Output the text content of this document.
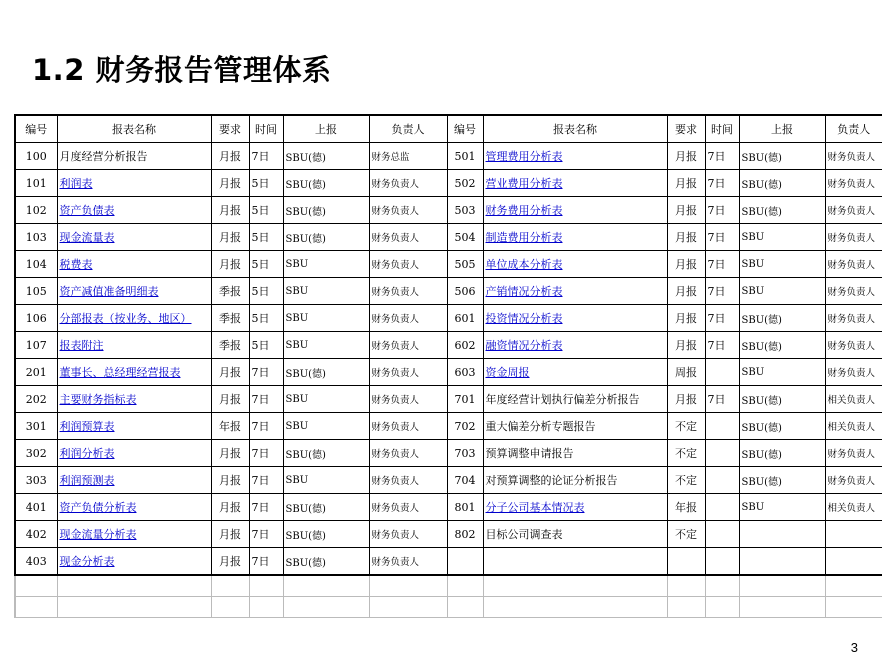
1.2 财务报告管理体系
编号	报表名称	要求	时间	上报	负责人	编号	报表名称	要求	时间	上报	负责人
100	月度经营分析报告	月报	7日	SBU(德)	财务总监	501	管理费用分析表	月报	7日	SBU(德)	财务负责人
101	利润表	月报	5日	SBU(德)	财务负责人	502	营业费用分析表	月报	7日	SBU(德)	财务负责人
102	资产负债表	月报	5日	SBU(德)	财务负责人	503	财务费用分析表	月报	7日	SBU(德)	财务负责人
103	现金流量表	月报	5日	SBU(德)	财务负责人	504	制造费用分析表	月报	7日	SBU	财务负责人
104	税费表	月报	5日	SBU	财务负责人	505	单位成本分析表	月报	7日	SBU	财务负责人
105	资产减值准备明细表	季报	5日	SBU	财务负责人	506	产销情况分析表	月报	7日	SBU	财务负责人
106	分部报表（按业务、地区）	季报	5日	SBU	财务负责人	601	投资情况分析表	月报	7日	SBU(德)	财务负责人
107	报表附注	季报	5日	SBU	财务负责人	602	融资情况分析表	月报	7日	SBU(德)	财务负责人
201	董事长、总经理经营报表	月报	7日	SBU(德)	财务负责人	603	资金周报	周报		SBU	财务负责人
202	主要财务指标表	月报	7日	SBU	财务负责人	701	年度经营计划执行偏差分析报告	月报	7日	SBU(德)	相关负责人
301	利润预算表	年报	7日	SBU	财务负责人	702	重大偏差分析专题报告	不定		SBU(德)	相关负责人
302	利润分析表	月报	7日	SBU(德)	财务负责人	703	预算调整申请报告	不定		SBU(德)	财务负责人
303	利润预测表	月报	7日	SBU	财务负责人	704	对预算调整的论证分析报告	不定		SBU(德)	财务负责人
401	资产负债分析表	月报	7日	SBU(德)	财务负责人	801	分子公司基本情况表	年报		SBU	相关负责人
402	现金流量分析表	月报	7日	SBU(德)	财务负责人	802	目标公司调查表	不定			
403	现金分析表	月报	7日	SBU(德)	财务负责人						

3
